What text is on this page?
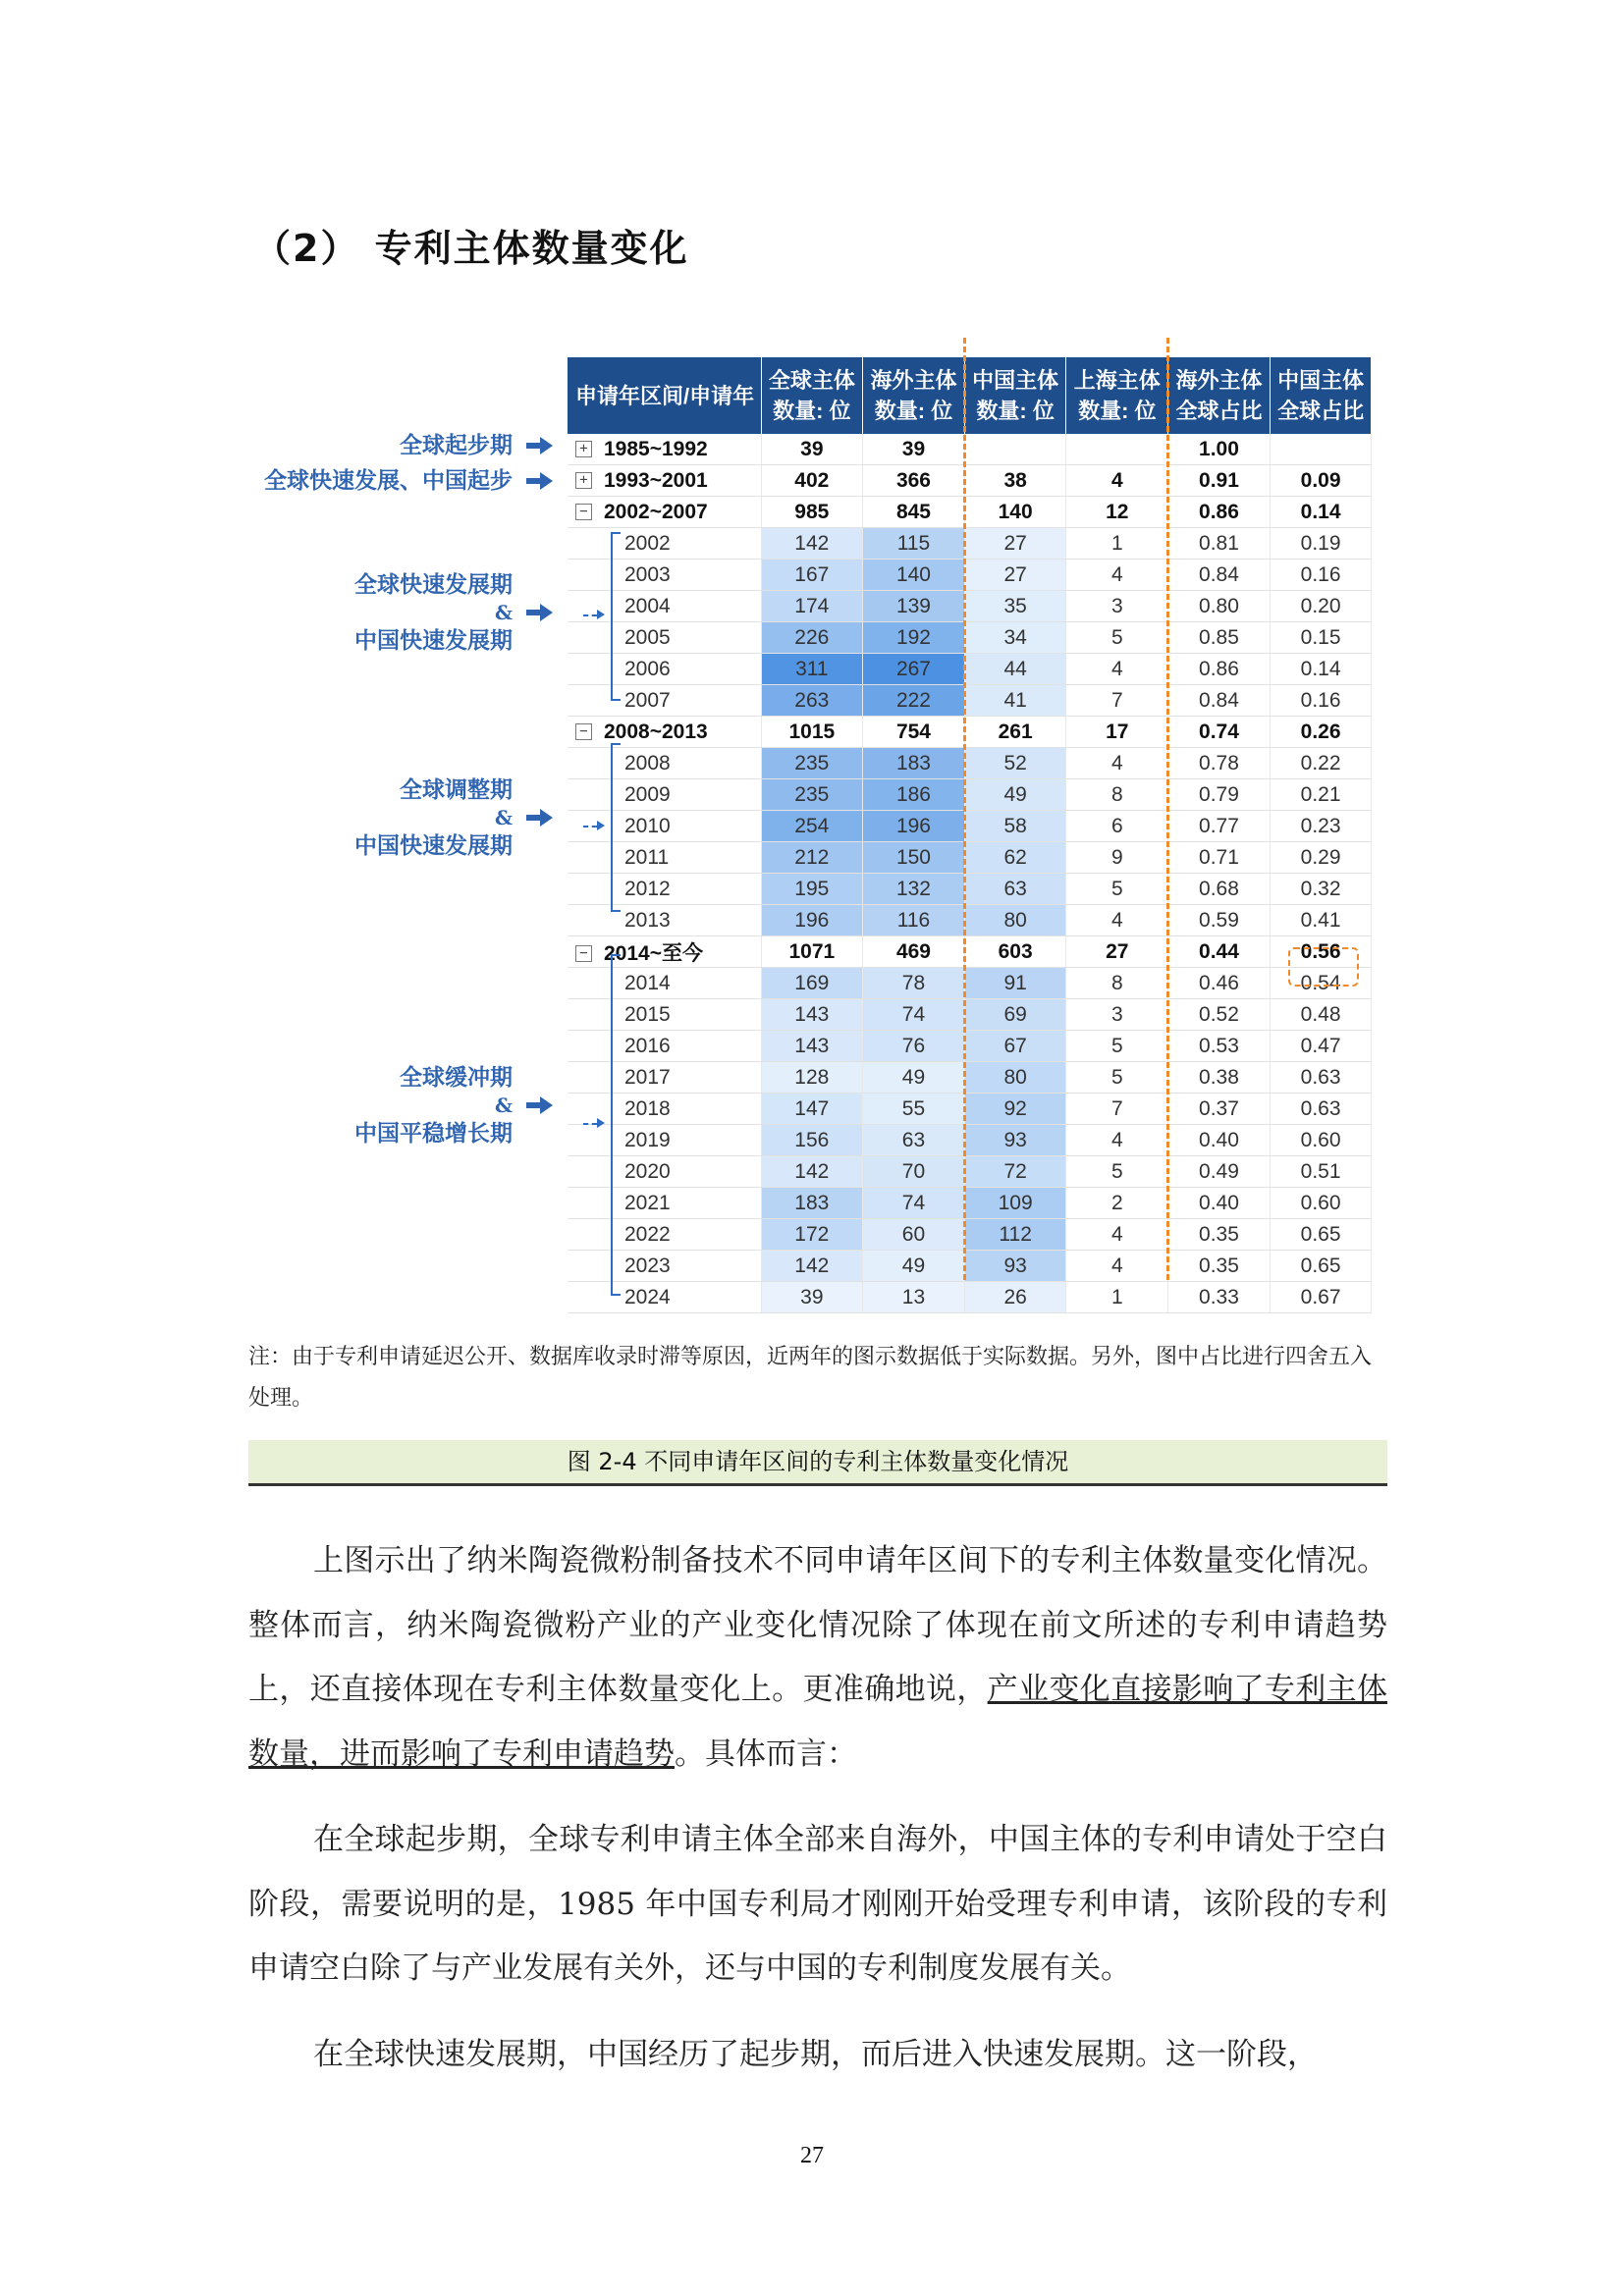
（2） 专利主体数量变化
全球起步期
全球快速发展、中国起步
全球快速发展期
&
中国快速发展期
全球调整期
&
中国快速发展期
全球缓冲期
&
中国平稳增长期
申请年区间/申请年	全球主体数量: 位	海外主体数量: 位	中国主体数量: 位	上海主体数量: 位	海外主体全球占比	中国主体全球占比
+ 1985~1992	39	39			1.00	
+ 1993~2001	402	366	38	4	0.91	0.09
− 2002~2007	985	845	140	12	0.86	0.14
2002	142	115	27	1	0.81	0.19
2003	167	140	27	4	0.84	0.16
2004	174	139	35	3	0.80	0.20
2005	226	192	34	5	0.85	0.15
2006	311	267	44	4	0.86	0.14
2007	263	222	41	7	0.84	0.16
− 2008~2013	1015	754	261	17	0.74	0.26
2008	235	183	52	4	0.78	0.22
2009	235	186	49	8	0.79	0.21
2010	254	196	58	6	0.77	0.23
2011	212	150	62	9	0.71	0.29
2012	195	132	63	5	0.68	0.32
2013	196	116	80	4	0.59	0.41
− 2014~至今	1071	469	603	27	0.44	0.56
2014	169	78	91	8	0.46	0.54
2015	143	74	69	3	0.52	0.48
2016	143	76	67	5	0.53	0.47
2017	128	49	80	5	0.38	0.63
2018	147	55	92	7	0.37	0.63
2019	156	63	93	4	0.40	0.60
2020	142	70	72	5	0.49	0.51
2021	183	74	109	2	0.40	0.60
2022	172	60	112	4	0.35	0.65
2023	142	49	93	4	0.35	0.65
2024	39	13	26	1	0.33	0.67
注：由于专利申请延迟公开、数据库收录时滞等原因，近两年的图示数据低于实际数据。另外，图中占比进行四舍五入处理。
图 2-4 不同申请年区间的专利主体数量变化情况

上图示出了纳米陶瓷微粉制备技术不同申请年区间下的专利主体数量变化情况。整体而言，纳米陶瓷微粉产业的产业变化情况除了体现在前文所述的专利申请趋势上，还直接体现在专利主体数量变化上。更准确地说，产业变化直接影响了专利主体数量，进而影响了专利申请趋势。具体而言：

在全球起步期，全球专利申请主体全部来自海外，中国主体的专利申请处于空白阶段，需要说明的是，1985 年中国专利局才刚刚开始受理专利申请，该阶段的专利申请空白除了与产业发展有关外，还与中国的专利制度发展有关。

在全球快速发展期，中国经历了起步期，而后进入快速发展期。这一阶段，

27
